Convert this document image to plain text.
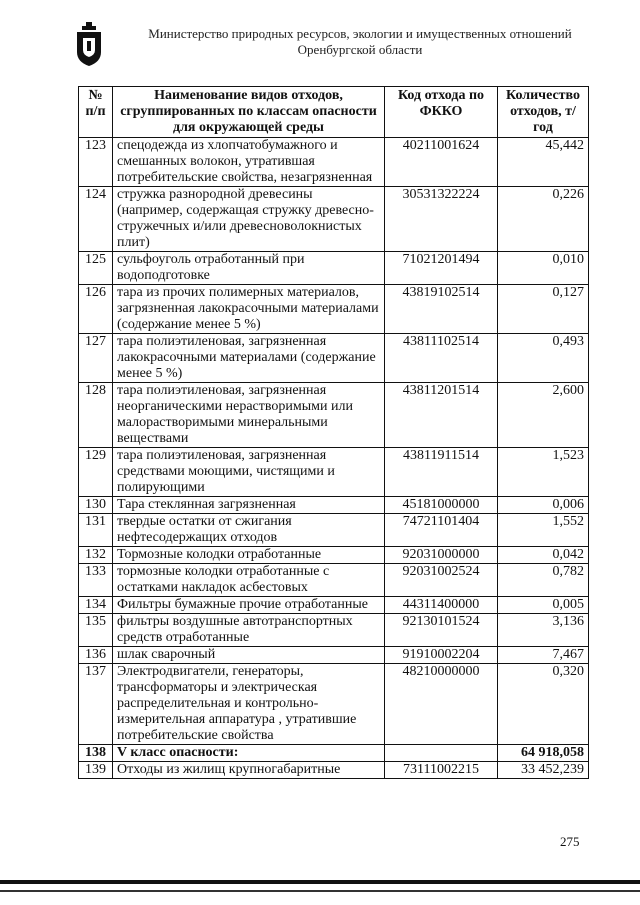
Министерство природных ресурсов, экологии и имущественных отношений
Оренбургской области
№ п/п	Наименование видов отходов, сгруппированных по классам опасности для окружающей среды	Код отхода по ФККО	Количество отходов, т/год
123	спецодежда из хлопчатобумажного и смешанных волокон, утратившая потребительские свойства, незагрязненная	40211001624	45,442
124	стружка разнородной древесины (например, содержащая стружку древесно-стружечных и/или древесноволокнистых плит)	30531322224	0,226
125	сульфоуголь отработанный при водоподготовке	71021201494	0,010
126	тара из прочих полимерных материалов, загрязненная лакокрасочными материалами (содержание менее 5 %)	43819102514	0,127
127	тара полиэтиленовая, загрязненная лакокрасочными материалами (содержание менее 5 %)	43811102514	0,493
128	тара полиэтиленовая, загрязненная неорганическими нерастворимыми или малорастворимыми минеральными веществами	43811201514	2,600
129	тара полиэтиленовая, загрязненная средствами моющими, чистящими и полирующими	43811911514	1,523
130	Тара стеклянная загрязненная	45181000000	0,006
131	твердые остатки от сжигания нефтесодержащих отходов	74721101404	1,552
132	Тормозные колодки отработанные	92031000000	0,042
133	тормозные колодки отработанные с остатками накладок асбестовых	92031002524	0,782
134	Фильтры бумажные прочие отработанные	44311400000	0,005
135	фильтры воздушные автотранспортных средств отработанные	92130101524	3,136
136	шлак сварочный	91910002204	7,467
137	Электродвигатели, генераторы, трансформаторы и электрическая распределительная и контрольно-измерительная аппаратура , утратившие потребительские свойства	48210000000	0,320
138	V класс опасности:		64 918,058
139	Отходы из жилищ крупногабаритные	73111002215	33 452,239
275
